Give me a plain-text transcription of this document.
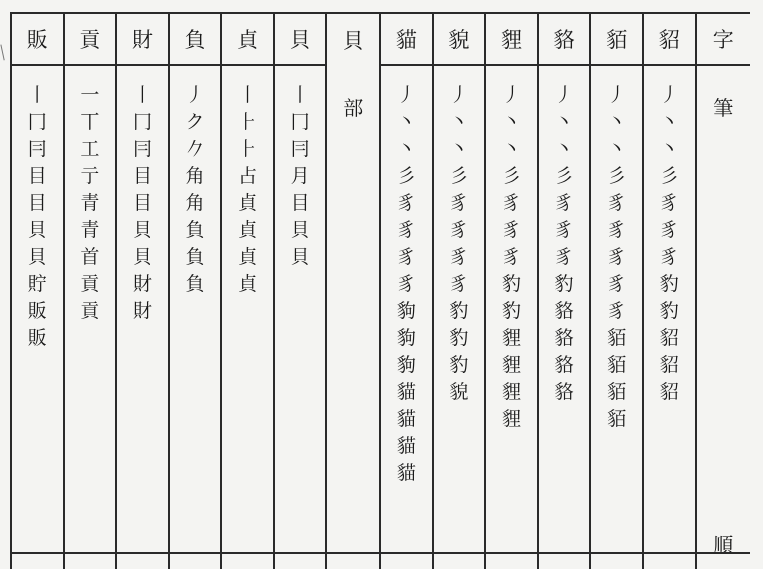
販
丨
冂
冃
目
目
貝
貝
貯
販
販
貢
一
丅
工
亍
青
青
首
貢
貢
財
丨
冂
冃
目
目
貝
貝
財
財
負
丿
ク
𠂊
角
角
負
負
負
貞
丨
⺊
⺊
占
貞
貞
貞
貞
貝
丨
冂
冃
月
目
貝
貝
貝
部
貓
丿
丶
丶
彡
豸
豸
豸
豸
豿
豿
豿
貓
貓
貓
貓
貌
丿
丶
丶
彡
豸
豸
豸
豸
豹
豹
豹
貌
貍
丿
丶
丶
彡
豸
豸
豸
豹
豹
貍
貍
貍
貍
貉
丿
丶
丶
彡
豸
豸
豸
豹
貉
貉
貉
貉
貊
丿
丶
丶
彡
豸
豸
豸
豸
豸
貊
貊
貊
貊
貂
丿
丶
丶
彡
豸
豸
豸
豹
豹
貂
貂
貂
字
筆
順
